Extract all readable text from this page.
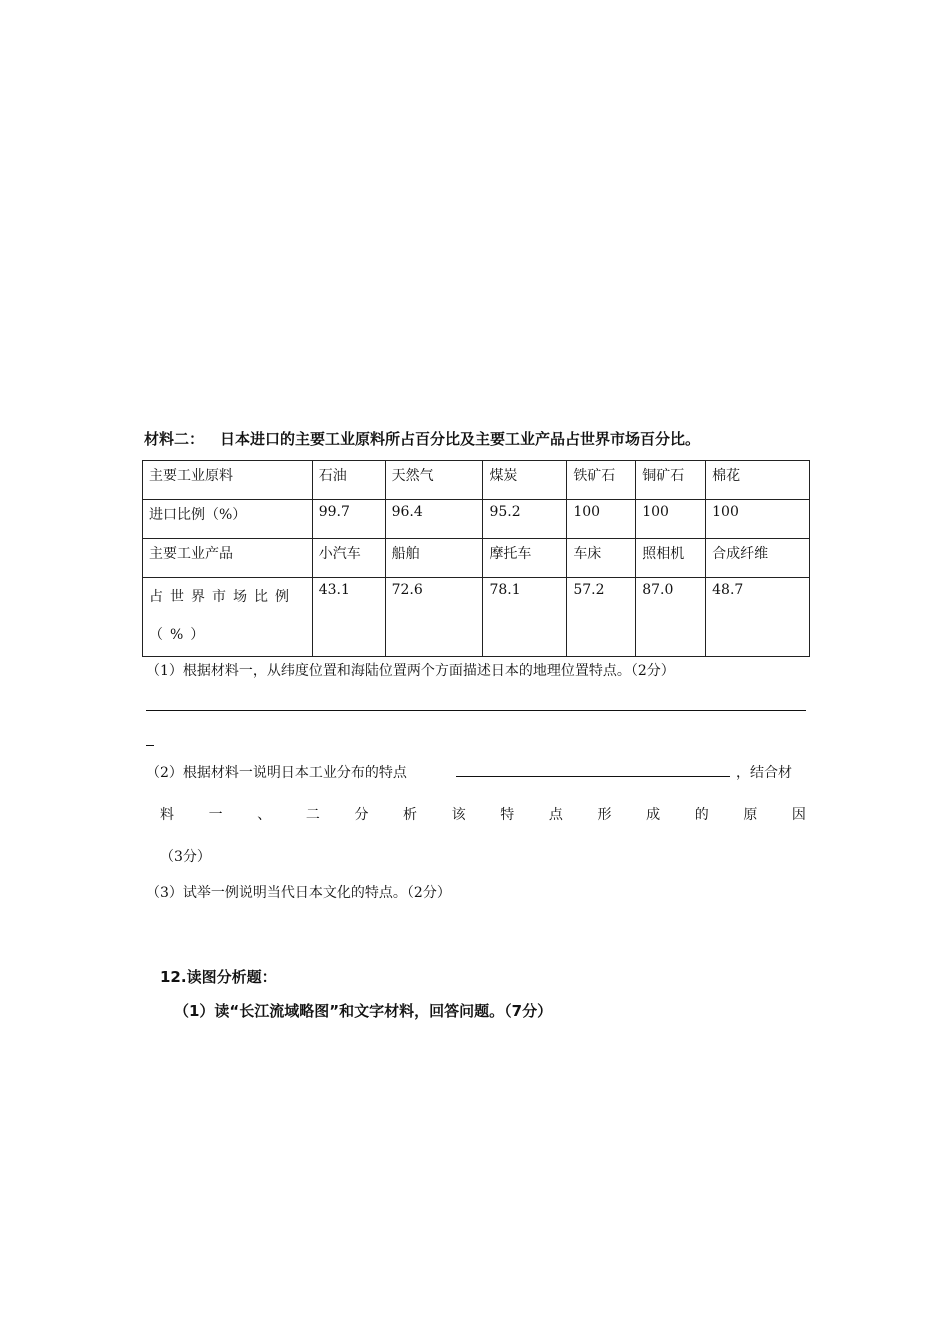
材料二： 日本进口的主要工业原料所占百分比及主要工业产品占世界市场百分比。
主要工业原料	石油	天然气	煤炭	铁矿石	铜矿石	棉花
进口比例（%）	99.7	96.4	95.2	100	100	100
主要工业产品	小汽车	船舶	摩托车	车床	照相机	合成纤维
占世界市场比例（%）	43.1	72.6	78.1	57.2	87.0	48.7
（1）根据材料一，从纬度位置和海陆位置两个方面描述日本的地理位置特点。（2分）
（2）根据材料一说明日本工业分布的特点	，结合材
料 一 、 二 分 析 该 特 点 形 成 的 原 因
（3分）
（3）试举一例说明当代日本文化的特点。（2分）
12.读图分析题：
（1）读“长江流域略图”和文字材料，回答问题。（7分）
